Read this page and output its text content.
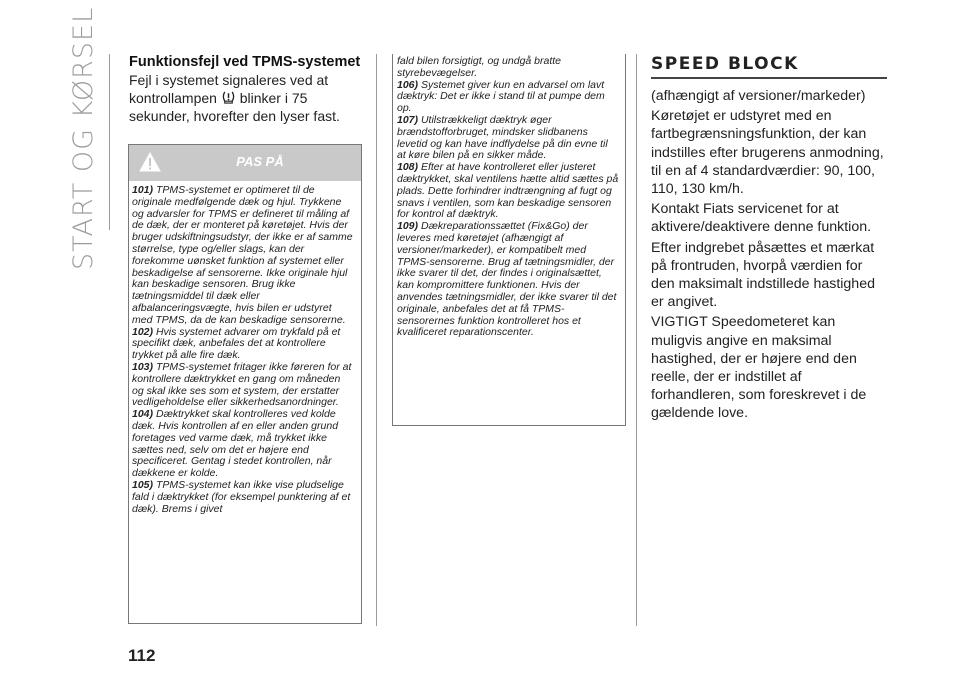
START OG KØRSEL Funktionsfejl ved TPMS-systemet
Fejl i systemet signaleres ved at kontrollampen blinker i 75 sekunder, hvorefter den lyser fast.
PAS PÅ

101) TPMS-systemet er optimeret til de originale medfølgende dæk og hjul. Trykkene og advarsler for TPMS er defineret til måling af de dæk, der er monteret på køretøjet. Hvis der bruger udskiftningsudstyr, der ikke er af samme størrelse, type og/eller slags, kan der forekomme uønsket funktion af systemet eller beskadigelse af sensorerne. Ikke originale hjul kan beskadige sensoren. Brug ikke tætningsmiddel til dæk eller afbalanceringsvægte, hvis bilen er udstyret med TPMS, da de kan beskadige sensorerne.

102) Hvis systemet advarer om trykfald på et specifikt dæk, anbefales det at kontrollere trykket på alle fire dæk.

103) TPMS-systemet fritager ikke føreren for at kontrollere dæktrykket en gang om måneden og skal ikke ses som et system, der erstatter vedligeholdelse eller sikkerhedsanordninger.

104) Dæktrykket skal kontrolleres ved kolde dæk. Hvis kontrollen af en eller anden grund foretages ved varme dæk, må trykket ikke sættes ned, selv om det er højere end specificeret. Gentag i stedet kontrollen, når dækkene er kolde.

105) TPMS-systemet kan ikke vise pludselige fald i dæktrykket (for eksempel punktering af et dæk). Brems i givet

fald bilen forsigtigt, og undgå bratte styrebevægelser.

106) Systemet giver kun en advarsel om lavt dæktryk: Det er ikke i stand til at pumpe dem op.

107) Utilstrækkeligt dæktryk øger brændstofforbruget, mindsker slidbanens levetid og kan have indflydelse på din evne til at køre bilen på en sikker måde.

108) Efter at have kontrolleret eller justeret dæktrykket, skal ventilens hætte altid sættes på plads. Dette forhindrer indtrængning af fugt og snavs i ventilen, som kan beskadige sensoren for kontrol af dæktryk.

109) Dækreparationssættet (Fix&Go) der leveres med køretøjet (afhængigt af versioner/markeder), er kompatibelt med TPMS-sensorerne. Brug af tætningsmidler, der ikke svarer til det, der findes i originalsættet, kan kompromittere funktionen. Hvis der anvendes tætningsmidler, der ikke svarer til det originale, anbefales det at få TPMS-sensorernes funktion kontrolleret hos et kvalificeret reparationscenter.

SPEED BLOCK

(afhængigt af versioner/markeder)

Køretøjet er udstyret med en fartbegrænsningsfunktion, der kan indstilles efter brugerens anmodning, til en af 4 standardværdier: 90, 100, 110, 130 km/h.

Kontakt Fiats servicenet for at aktivere/deaktivere denne funktion.

Efter indgrebet påsættes et mærkat på frontruden, hvorpå værdien for den maksimalt indstillede hastighed er angivet.

VIGTIGT Speedometeret kan muligvis angive en maksimal hastighed, der er højere end den reelle, der er indstillet af forhandleren, som foreskrevet i de gældende love.

112
